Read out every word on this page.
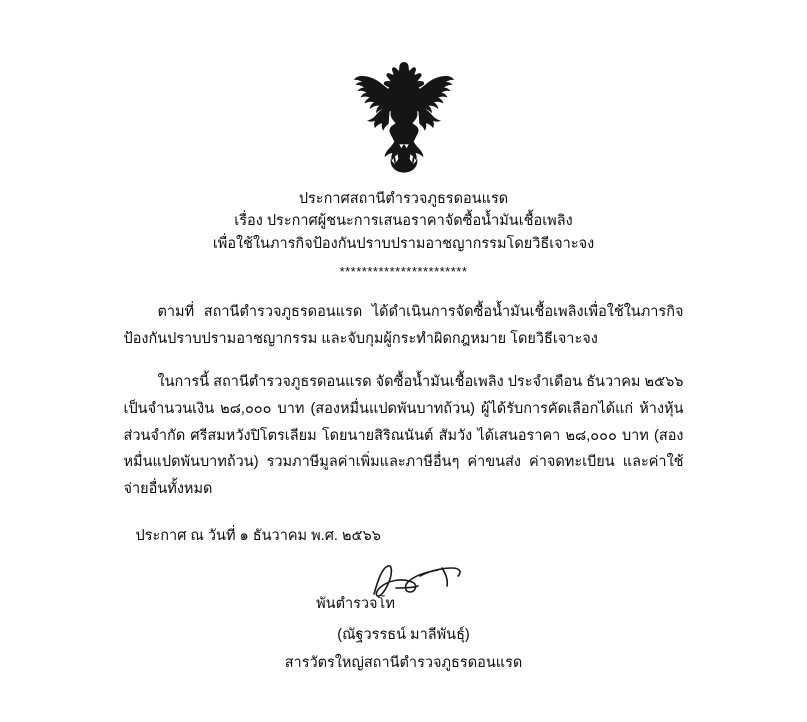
ประกาศสถานีตำรวจภูธรดอนแรด
เรื่อง ประกาศผู้ชนะการเสนอราคาจัดซื้อน้ำมันเชื้อเพลิง
เพื่อใช้ในภารกิจป้องกันปราบปรามอาชญากรรมโดยวิธีเจาะจง
***********************
ตามที่ สถานีตำรวจภูธรดอนแรด ได้ดำเนินการจัดซื้อน้ำมันเชื้อเพลิงเพื่อใช้ในภารกิจป้องกันปราบปรามอาชญากรรม และจับกุมผู้กระทำผิดกฎหมาย โดยวิธีเจาะจง
ในการนี้ สถานีตำรวจภูธรดอนแรด จัดซื้อน้ำมันเชื้อเพลิง ประจำเดือน ธันวาคม ๒๕๖๖ เป็นจำนวนเงิน ๒๘,๐๐๐ บาท (สองหมื่นแปดพันบาทถ้วน) ผู้ได้รับการคัดเลือกได้แก่ ห้างหุ้นส่วนจำกัด ศรีสมหวังปิโตรเลียม โดยนายสิริณนันต์ สัมวัง ได้เสนอราคา ๒๘,๐๐๐ บาท (สองหมื่นแปดพันบาทถ้วน) รวมภาษีมูลค่าเพิ่มและภาษีอื่นๆ ค่าขนส่ง ค่าจดทะเบียน และค่าใช้จ่ายอื่นทั้งหมด
ประกาศ ณ วันที่ ๑ ธันวาคม พ.ศ. ๒๕๖๖
พันตำรวจโท
(ณัฐวรรธน์ มาลีพันธุ์)
สารวัตรใหญ่สถานีตำรวจภูธรดอนแรด
